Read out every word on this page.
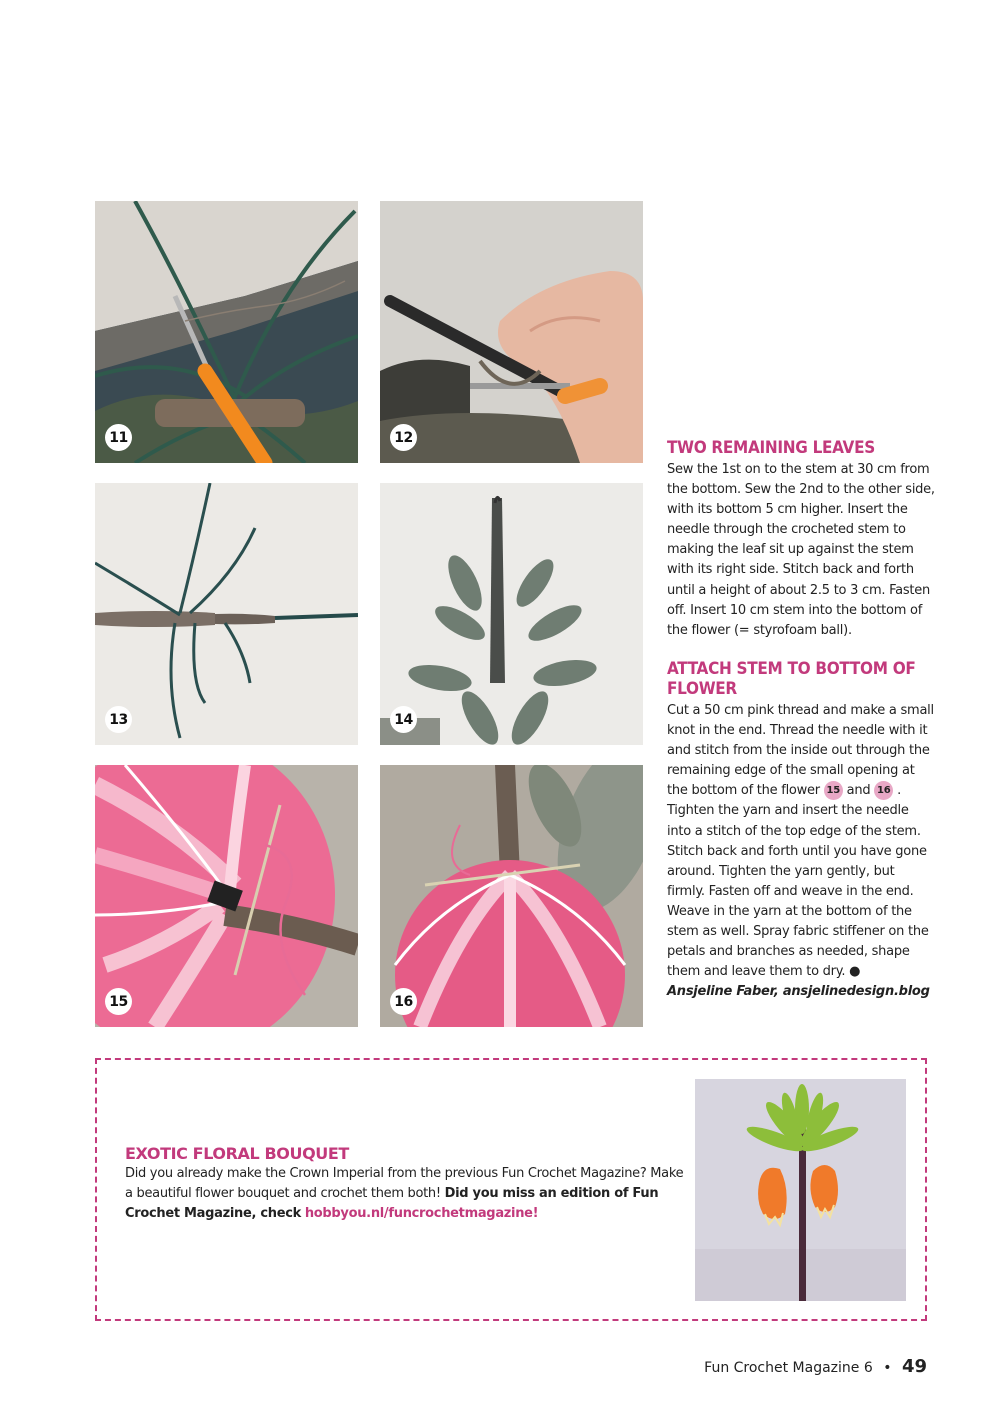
11	12
13	14
15	16
TWO REMAINING LEAVES

Sew the 1st on to the stem at 30 cm from the bottom. Sew the 2nd to the other side, with its bottom 5 cm higher. Insert the needle through the crocheted stem to making the leaf sit up against the stem with its right side. Stitch back and forth until a height of about 2.5 to 3 cm. Fasten off. Insert 10 cm stem into the bottom of the flower (= styrofoam ball).

ATTACH STEM TO BOTTOM OF FLOWER

Cut a 50 cm pink thread and make a small knot in the end. Thread the needle with it and stitch from the inside out through the remaining edge of the small opening at the bottom of the flower 15 and 16 . Tighten the yarn and insert the needle into a stitch of the top edge of the stem. Stitch back and forth until you have gone around. Tighten the yarn gently, but firmly. Fasten off and weave in the end. Weave in the yarn at the bottom of the stem as well. Spray fabric stiffener on the petals and branches as needed, shape them and leave them to dry. ●
Ansjeline Faber, ansjelinedesign.blog

EXOTIC FLORAL BOUQUET

Did you already make the Crown Imperial from the previous Fun Crochet Magazine? Make a beautiful flower bouquet and crochet them both! Did you miss an edition of Fun Crochet Magazine, check hobbyou.nl/funcrochetmagazine!

Fun Crochet Magazine 6 • 49
